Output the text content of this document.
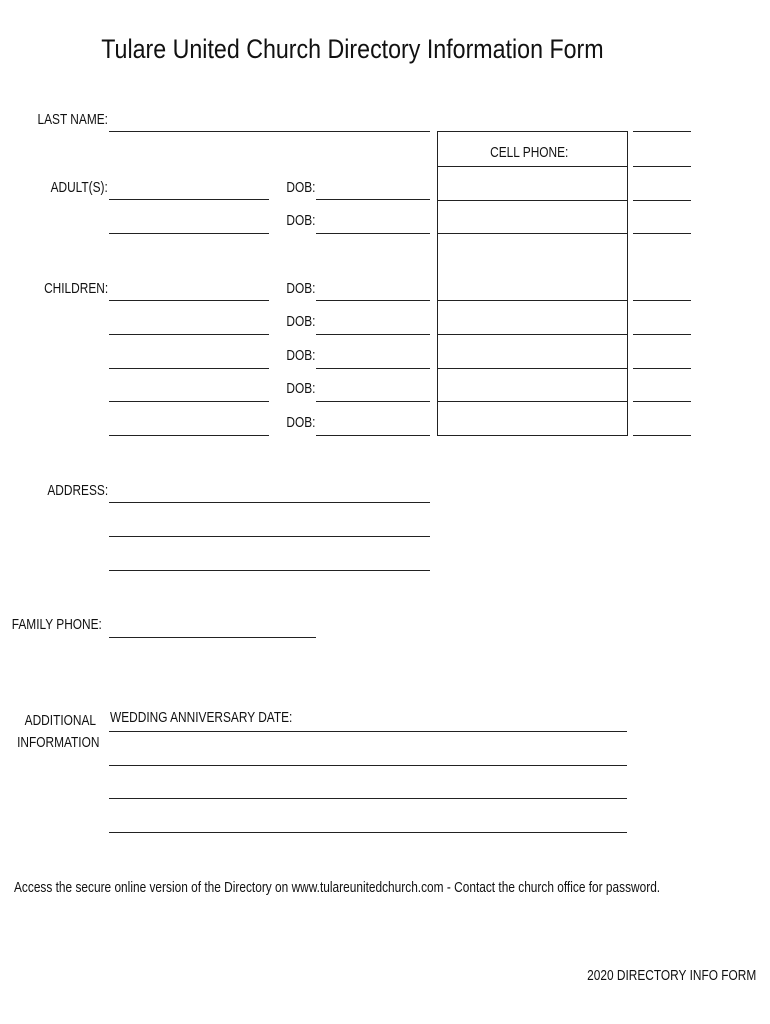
Tulare United Church Directory Information Form
LAST NAME:
CELL PHONE:
ADULT(S):	DOB:
DOB:
CHILDREN:	DOB:
DOB:
DOB:
DOB:
DOB:
ADDRESS:
FAMILY PHONE:
ADDITIONAL
INFORMATION
WEDDING ANNIVERSARY DATE:
Access the secure online version of the Directory on www.tulareunitedchurch.com - Contact the church office for password.
2020 DIRECTORY INFO FORM
